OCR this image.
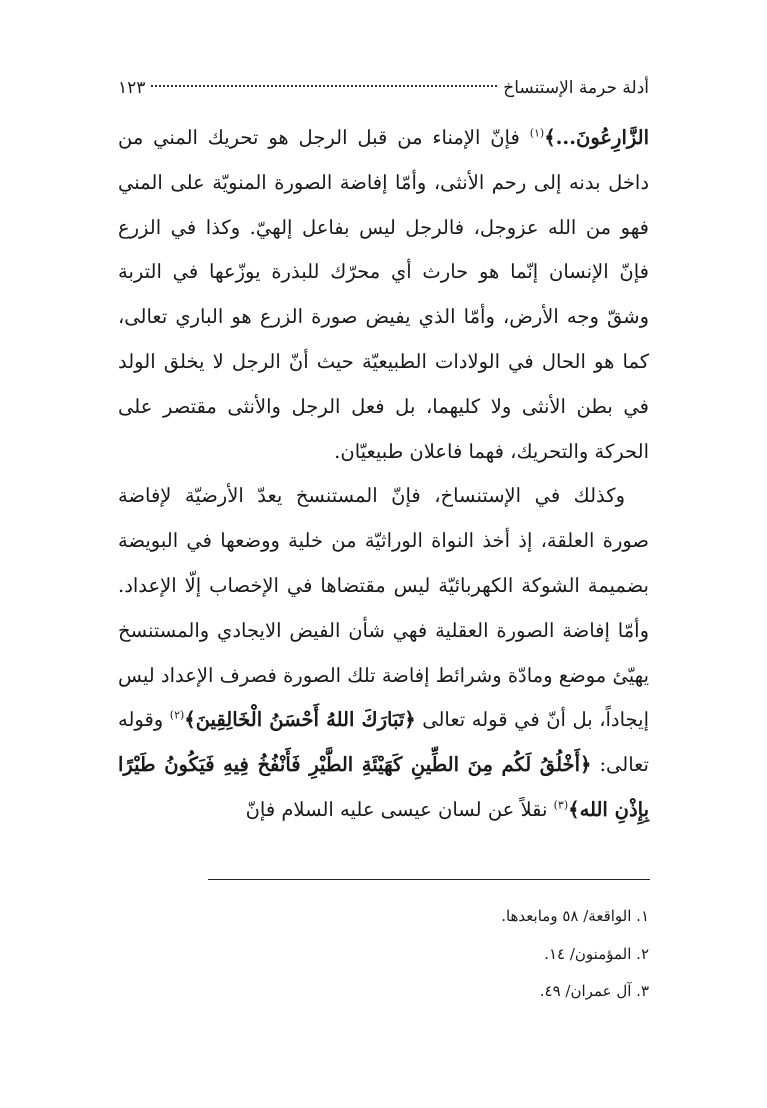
أدلة حرمة الإستنساخ
١٢٣

الزَّارِعُونَ...﴾$^{(١)}$ فإنّ الإمناء من قبل الرجل هو تحريك المني من داخل بدنه إلى رحم الأنثى، وأمّا إفاضة الصورة المنويّة على المني فهو من الله عزوجل، فالرجل ليس بفاعل إلهيّ. وكذا في الزرع فإنّ الإنسان إنّما هو حارث أي محرّك للبذرة يوزّعها في التربة وشقّ وجه الأرض، وأمّا الذي يفيض صورة الزرع هو الباري تعالى، كما هو الحال في الولادات الطبيعيّة حيث أنّ الرجل لا يخلق الولد في بطن الأنثى ولا كليهما، بل فعل الرجل والأنثى مقتصر على الحركة والتحريك، فهما فاعلان طبيعيّان.

وكذلك في الإستنساخ، فإنّ المستنسخ يعدّ الأرضيّة لإفاضة صورة العلقة، إذ أخذ النواة الوراثيّة من خلية ووضعها في البويضة بضميمة الشوكة الكهربائيّة ليس مقتضاها في الإخصاب إلّا الإعداد. وأمّا إفاضة الصورة العقلية فهي شأن الفيض الايجادي والمستنسخ يهيّئ موضع ومادّة وشرائط إفاضة تلك الصورة فصرف الإعداد ليس إيجاداً، بل أنّ في قوله تعالى ﴿تَبَارَكَ اللهُ أَحْسَنُ الْخَالِقِينَ﴾$^{(٢)}$ وقوله تعالى: ﴿أَخْلُقُ لَكُم مِنَ الطِّينِ كَهَيْئَةِ الطَّيْرِ فَأَنْفُخُ فِيهِ فَيَكُونُ طَيْرًا بِإِذْنِ الله﴾$^{(٣)}$ نقلاً عن لسان عيسى عليه السلام فإنّ

١. الواقعة/ ٥٨ ومابعدها.
٢. المؤمنون/ ١٤.
٣. آل عمران/ ٤٩.
